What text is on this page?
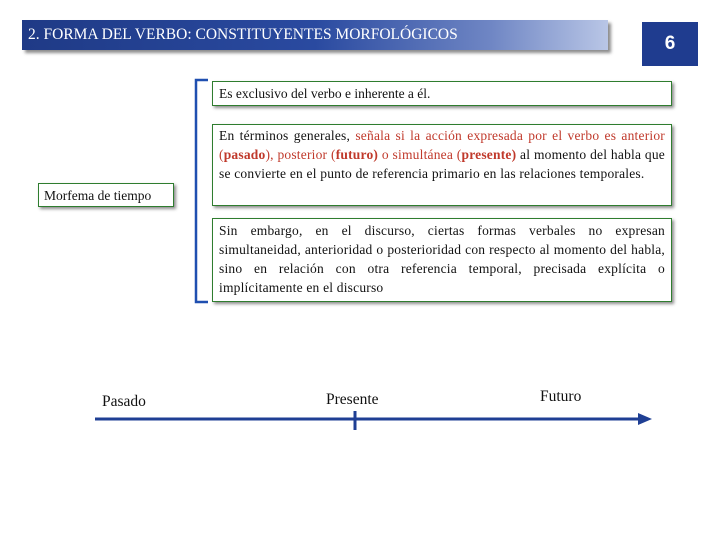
2. FORMA DEL VERBO: CONSTITUYENTES MORFOLÓGICOS	6
Morfema de tiempo
Es exclusivo del verbo e inherente a él.
En términos generales, señala si la acción expresada por el verbo es anterior (pasado), posterior (futuro) o simultánea (presente) al momento del habla que se convierte en el punto de referencia primario en las relaciones temporales.
Sin embargo, en el discurso, ciertas formas verbales no expresan simultaneidad, anterioridad o posterioridad con respecto al momento del habla, sino en relación con otra referencia temporal, precisada explícita o implícitamente en el discurso
Pasado	Presente	Futuro
